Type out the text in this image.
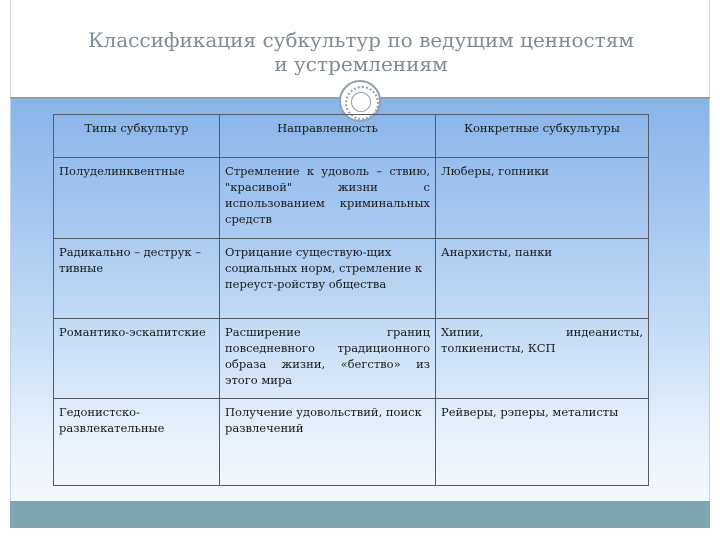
Классификация субкультур по ведущим ценностям
и устремлениям
Типы субкультур	Направленность	Конкретные субкультуры
Полуделинквентные	Стремление к удоволь – ствию, "красивой" жизни с использованием криминальных средств	Люберы, гопники
Радикально – деструк – тивные	Отрицание существую-щих социальных норм, стремление к переуст-ройству общества	Анархисты, панки
Романтико-эскапитские	Расширение границ повседневного традиционного образа жизни, «бегство» из этого мира	Хипии, индеанисты, толкиенисты, КСП
Гедонистско-развлекательные	Получение удовольствий, поиск развлечений	Рейверы, рэперы, металисты
